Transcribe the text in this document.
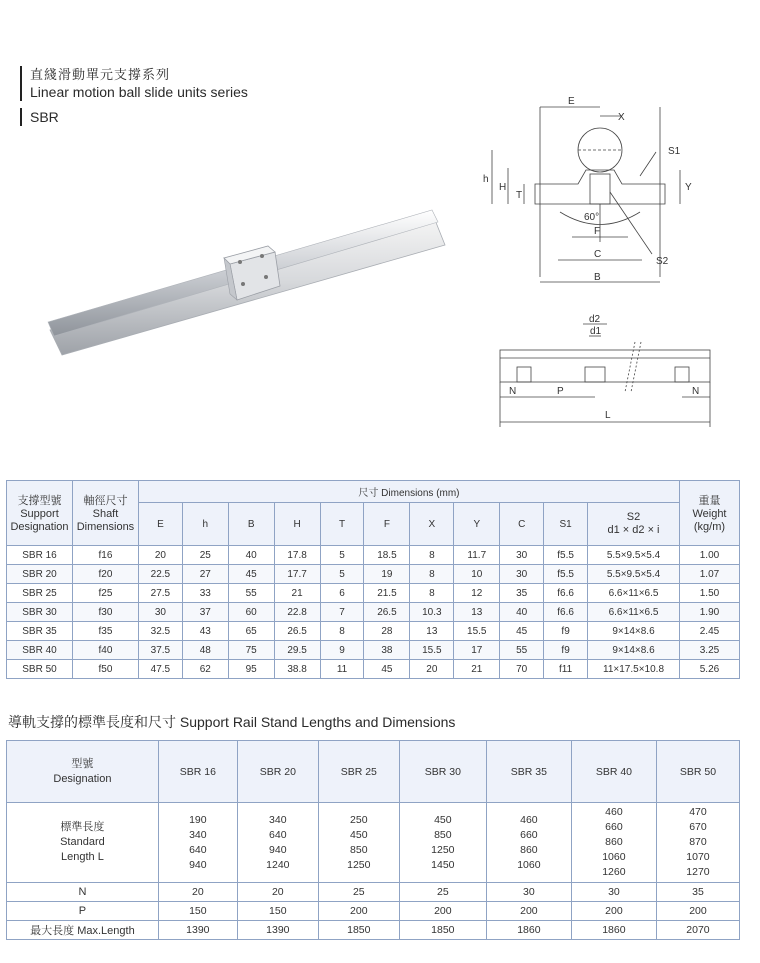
直綫滑動單元支撐系列
Linear motion ball slide units series
SBR
E
X
S1
h
H
T
Y
60°
F
C
S2
B
d2
d1
N	P	N
L
支撐型號
Support
Designation	軸徑尺寸
Shaft
Dimensions	尺寸 Dimensions (mm)											重量
Weight
(kg/m)

		E	h	B	H	T	F	X	Y	C	S1	S2
d1 × d2 × i	

SBR 16	f16	20	25	40	17.8	5	18.5	8	11.7	30	f5.5	5.5×9.5×5.4	1.00
SBR 20	f20	22.5	27	45	17.7	5	19	8	10	30	f5.5	5.5×9.5×5.4	1.07
SBR 25	f25	27.5	33	55	21	6	21.5	8	12	35	f6.6	6.6×11×6.5	1.50
SBR 30	f30	30	37	60	22.8	7	26.5	10.3	13	40	f6.6	6.6×11×6.5	1.90
SBR 35	f35	32.5	43	65	26.5	8	28	13	15.5	45	f9	9×14×8.6	2.45
SBR 40	f40	37.5	48	75	29.5	9	38	15.5	17	55	f9	9×14×8.6	3.25
SBR 50	f50	47.5	62	95	38.8	11	45	20	21	70	f11	11×17.5×10.8	5.26
導軌支撐的標準長度和尺寸 Support Rail Stand Lengths and Dimensions
型號
Designation	SBR 16	SBR 20	SBR 25	SBR 30	SBR 35	SBR 40	SBR 50

標準長度
Standard
Length L	190
340
640
940	340
640
940
1240	250
450
850
1250	450
850
1250
1450	460
660
860
1060	460
660
860
1060
1260	470
670
870
1070
1270

N	20	20	25	25	30	30	35
P	150	150	200	200	200	200	200
最大長度 Max.Length	1390	1390	1850	1850	1860	1860	2070
